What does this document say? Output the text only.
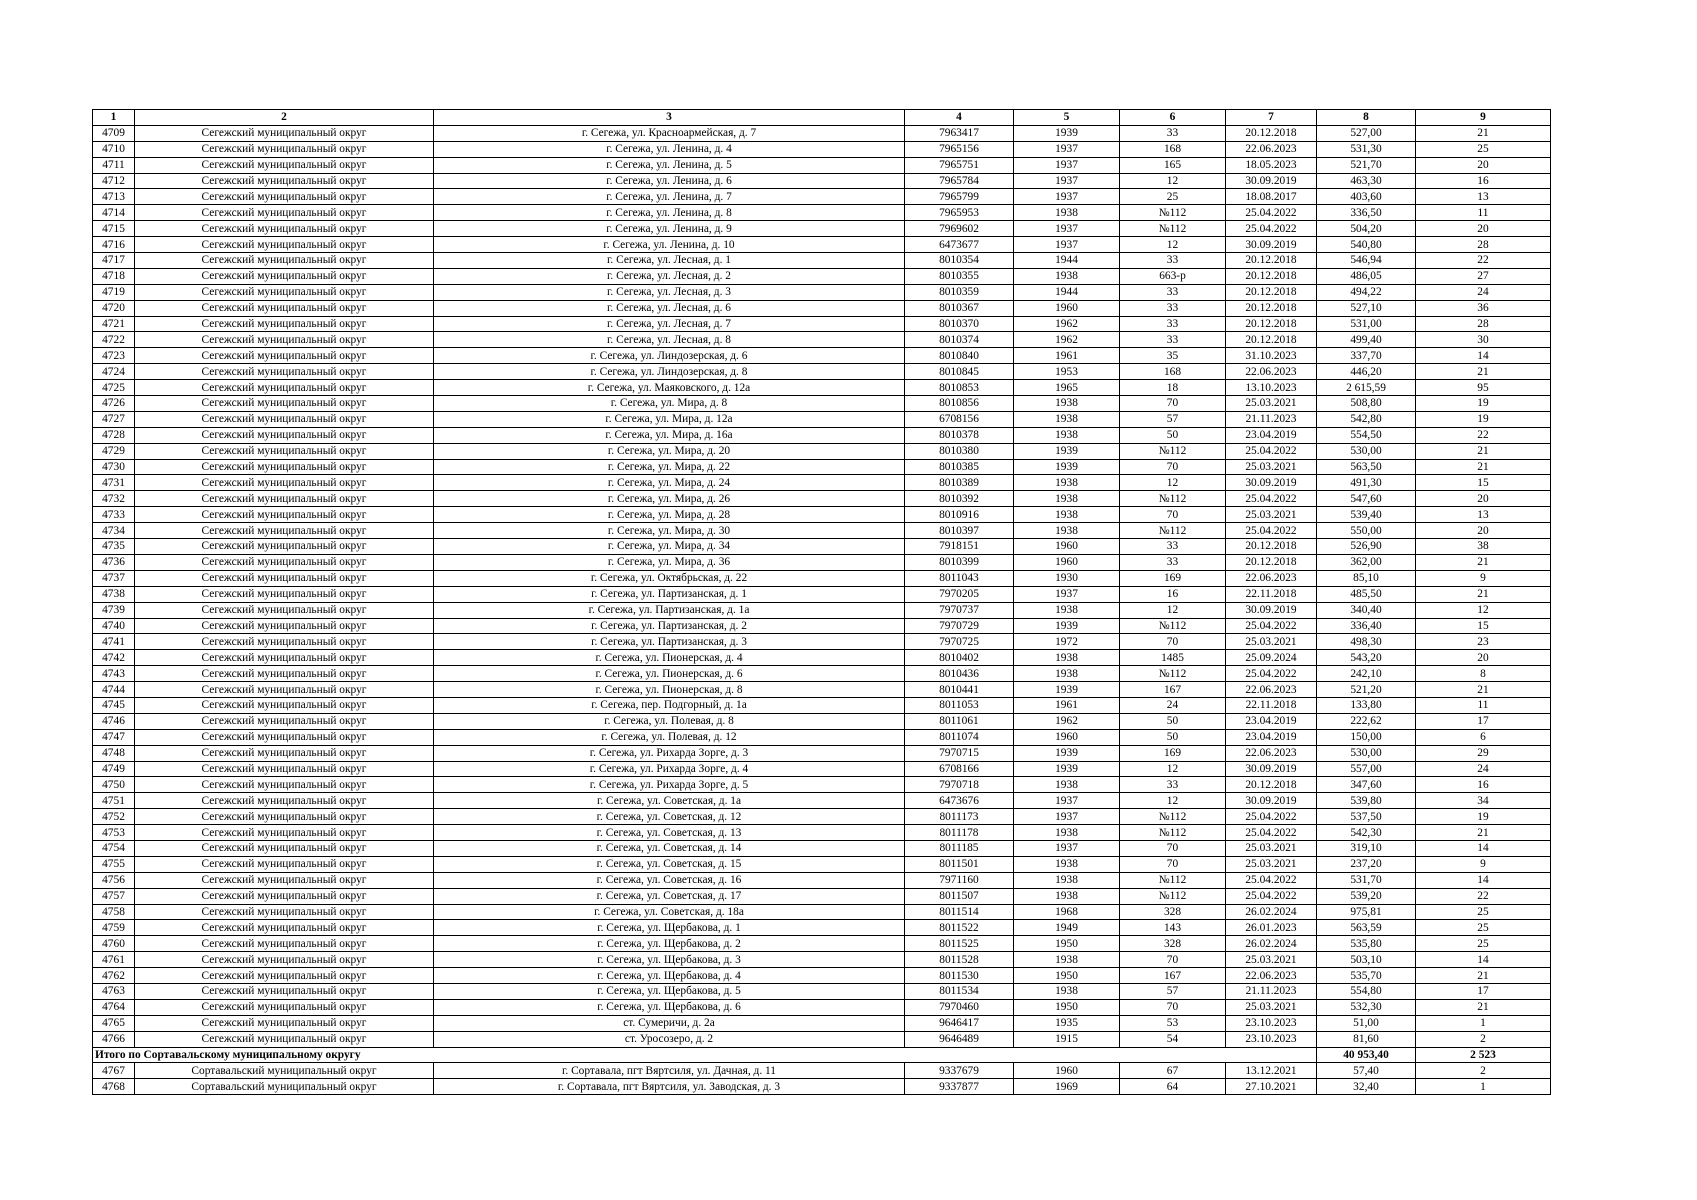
1	2	3	4	5	6	7	8	9
4709	Сегежский муниципальный округ	г. Сегежа, ул. Красноармейская, д. 7	7963417	1939	33	20.12.2018	527,00	21
4710	Сегежский муниципальный округ	г. Сегежа, ул. Ленина, д. 4	7965156	1937	168	22.06.2023	531,30	25
4711	Сегежский муниципальный округ	г. Сегежа, ул. Ленина, д. 5	7965751	1937	165	18.05.2023	521,70	20
4712	Сегежский муниципальный округ	г. Сегежа, ул. Ленина, д. 6	7965784	1937	12	30.09.2019	463,30	16
4713	Сегежский муниципальный округ	г. Сегежа, ул. Ленина, д. 7	7965799	1937	25	18.08.2017	403,60	13
4714	Сегежский муниципальный округ	г. Сегежа, ул. Ленина, д. 8	7965953	1938	№112	25.04.2022	336,50	11
4715	Сегежский муниципальный округ	г. Сегежа, ул. Ленина, д. 9	7969602	1937	№112	25.04.2022	504,20	20
4716	Сегежский муниципальный округ	г. Сегежа, ул. Ленина, д. 10	6473677	1937	12	30.09.2019	540,80	28
4717	Сегежский муниципальный округ	г. Сегежа, ул. Лесная, д. 1	8010354	1944	33	20.12.2018	546,94	22
4718	Сегежский муниципальный округ	г. Сегежа, ул. Лесная, д. 2	8010355	1938	663-р	20.12.2018	486,05	27
4719	Сегежский муниципальный округ	г. Сегежа, ул. Лесная, д. 3	8010359	1944	33	20.12.2018	494,22	24
4720	Сегежский муниципальный округ	г. Сегежа, ул. Лесная, д. 6	8010367	1960	33	20.12.2018	527,10	36
4721	Сегежский муниципальный округ	г. Сегежа, ул. Лесная, д. 7	8010370	1962	33	20.12.2018	531,00	28
4722	Сегежский муниципальный округ	г. Сегежа, ул. Лесная, д. 8	8010374	1962	33	20.12.2018	499,40	30
4723	Сегежский муниципальный округ	г. Сегежа, ул. Линдозерская, д. 6	8010840	1961	35	31.10.2023	337,70	14
4724	Сегежский муниципальный округ	г. Сегежа, ул. Линдозерская, д. 8	8010845	1953	168	22.06.2023	446,20	21
4725	Сегежский муниципальный округ	г. Сегежа, ул. Маяковского, д. 12а	8010853	1965	18	13.10.2023	2 615,59	95
4726	Сегежский муниципальный округ	г. Сегежа, ул. Мира, д. 8	8010856	1938	70	25.03.2021	508,80	19
4727	Сегежский муниципальный округ	г. Сегежа, ул. Мира, д. 12а	6708156	1938	57	21.11.2023	542,80	19
4728	Сегежский муниципальный округ	г. Сегежа, ул. Мира, д. 16а	8010378	1938	50	23.04.2019	554,50	22
4729	Сегежский муниципальный округ	г. Сегежа, ул. Мира, д. 20	8010380	1939	№112	25.04.2022	530,00	21
4730	Сегежский муниципальный округ	г. Сегежа, ул. Мира, д. 22	8010385	1939	70	25.03.2021	563,50	21
4731	Сегежский муниципальный округ	г. Сегежа, ул. Мира, д. 24	8010389	1938	12	30.09.2019	491,30	15
4732	Сегежский муниципальный округ	г. Сегежа, ул. Мира, д. 26	8010392	1938	№112	25.04.2022	547,60	20
4733	Сегежский муниципальный округ	г. Сегежа, ул. Мира, д. 28	8010916	1938	70	25.03.2021	539,40	13
4734	Сегежский муниципальный округ	г. Сегежа, ул. Мира, д. 30	8010397	1938	№112	25.04.2022	550,00	20
4735	Сегежский муниципальный округ	г. Сегежа, ул. Мира, д. 34	7918151	1960	33	20.12.2018	526,90	38
4736	Сегежский муниципальный округ	г. Сегежа, ул. Мира, д. 36	8010399	1960	33	20.12.2018	362,00	21
4737	Сегежский муниципальный округ	г. Сегежа, ул. Октябрьская, д. 22	8011043	1930	169	22.06.2023	85,10	9
4738	Сегежский муниципальный округ	г. Сегежа, ул. Партизанская, д. 1	7970205	1937	16	22.11.2018	485,50	21
4739	Сегежский муниципальный округ	г. Сегежа, ул. Партизанская, д. 1а	7970737	1938	12	30.09.2019	340,40	12
4740	Сегежский муниципальный округ	г. Сегежа, ул. Партизанская, д. 2	7970729	1939	№112	25.04.2022	336,40	15
4741	Сегежский муниципальный округ	г. Сегежа, ул. Партизанская, д. 3	7970725	1972	70	25.03.2021	498,30	23
4742	Сегежский муниципальный округ	г. Сегежа, ул. Пионерская, д. 4	8010402	1938	1485	25.09.2024	543,20	20
4743	Сегежский муниципальный округ	г. Сегежа, ул. Пионерская, д. 6	8010436	1938	№112	25.04.2022	242,10	8
4744	Сегежский муниципальный округ	г. Сегежа, ул. Пионерская, д. 8	8010441	1939	167	22.06.2023	521,20	21
4745	Сегежский муниципальный округ	г. Сегежа, пер. Подгорный, д. 1а	8011053	1961	24	22.11.2018	133,80	11
4746	Сегежский муниципальный округ	г. Сегежа, ул. Полевая, д. 8	8011061	1962	50	23.04.2019	222,62	17
4747	Сегежский муниципальный округ	г. Сегежа, ул. Полевая, д. 12	8011074	1960	50	23.04.2019	150,00	6
4748	Сегежский муниципальный округ	г. Сегежа, ул. Рихарда Зорге, д. 3	7970715	1939	169	22.06.2023	530,00	29
4749	Сегежский муниципальный округ	г. Сегежа, ул. Рихарда Зорге, д. 4	6708166	1939	12	30.09.2019	557,00	24
4750	Сегежский муниципальный округ	г. Сегежа, ул. Рихарда Зорге, д. 5	7970718	1938	33	20.12.2018	347,60	16
4751	Сегежский муниципальный округ	г. Сегежа, ул. Советская, д. 1а	6473676	1937	12	30.09.2019	539,80	34
4752	Сегежский муниципальный округ	г. Сегежа, ул. Советская, д. 12	8011173	1937	№112	25.04.2022	537,50	19
4753	Сегежский муниципальный округ	г. Сегежа, ул. Советская, д. 13	8011178	1938	№112	25.04.2022	542,30	21
4754	Сегежский муниципальный округ	г. Сегежа, ул. Советская, д. 14	8011185	1937	70	25.03.2021	319,10	14
4755	Сегежский муниципальный округ	г. Сегежа, ул. Советская, д. 15	8011501	1938	70	25.03.2021	237,20	9
4756	Сегежский муниципальный округ	г. Сегежа, ул. Советская, д. 16	7971160	1938	№112	25.04.2022	531,70	14
4757	Сегежский муниципальный округ	г. Сегежа, ул. Советская, д. 17	8011507	1938	№112	25.04.2022	539,20	22
4758	Сегежский муниципальный округ	г. Сегежа, ул. Советская, д. 18а	8011514	1968	328	26.02.2024	975,81	25
4759	Сегежский муниципальный округ	г. Сегежа, ул. Щербакова, д. 1	8011522	1949	143	26.01.2023	563,59	25
4760	Сегежский муниципальный округ	г. Сегежа, ул. Щербакова, д. 2	8011525	1950	328	26.02.2024	535,80	25
4761	Сегежский муниципальный округ	г. Сегежа, ул. Щербакова, д. 3	8011528	1938	70	25.03.2021	503,10	14
4762	Сегежский муниципальный округ	г. Сегежа, ул. Щербакова, д. 4	8011530	1950	167	22.06.2023	535,70	21
4763	Сегежский муниципальный округ	г. Сегежа, ул. Щербакова, д. 5	8011534	1938	57	21.11.2023	554,80	17
4764	Сегежский муниципальный округ	г. Сегежа, ул. Щербакова, д. 6	7970460	1950	70	25.03.2021	532,30	21
4765	Сегежский муниципальный округ	ст. Сумеричи, д. 2а	9646417	1935	53	23.10.2023	51,00	1
4766	Сегежский муниципальный округ	ст. Уросозеро, д. 2	9646489	1915	54	23.10.2023	81,60	2
Итого по Сортавальскому муниципальному округу							40 953,40	2 523
4767	Сортавальский муниципальный округ	г. Сортавала, пгт Вяртсиля, ул. Дачная, д. 11	9337679	1960	67	13.12.2021	57,40	2
4768	Сортавальский муниципальный округ	г. Сортавала, пгт Вяртсиля, ул. Заводская, д. 3	9337877	1969	64	27.10.2021	32,40	1
